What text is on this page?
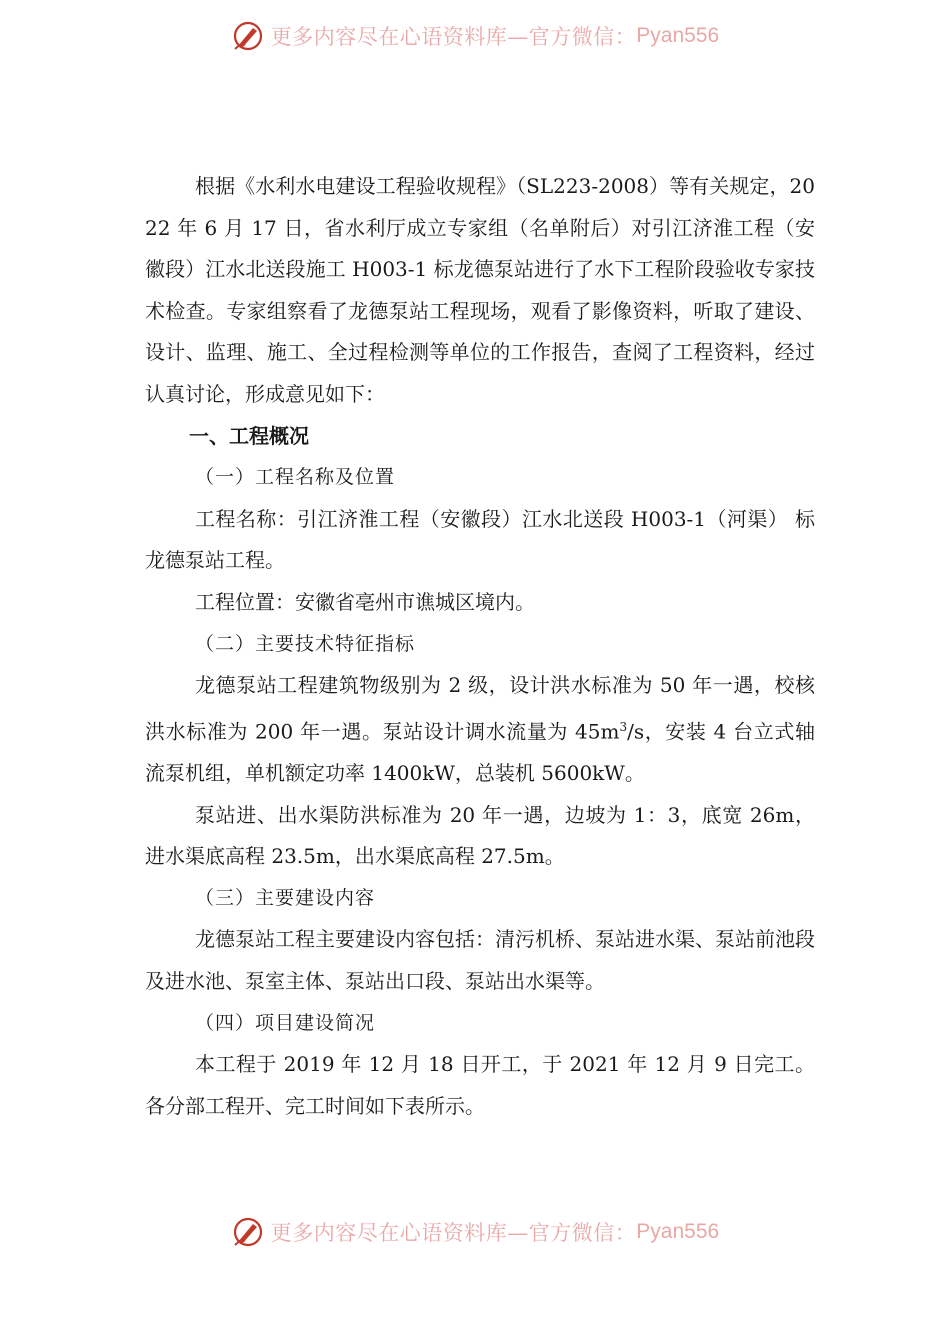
更多内容尽在心语资料库—官方微信： Pyan556

根据《水利水电建设工程验收规程》（SL223-2008）等有关规定，2022 年 6 月 17 日，省水利厅成立专家组（名单附后）对引江济淮工程（安徽段）江水北送段施工 H003-1 标龙德泵站进行了水下工程阶段验收专家技术检查。专家组察看了龙德泵站工程现场，观看了影像资料，听取了建设、设计、监理、施工、全过程检测等单位的工作报告，查阅了工程资料，经过认真讨论，形成意见如下：

一、工程概况

（一）工程名称及位置

工程名称：引江济淮工程（安徽段）江水北送段 H003-1（河渠） 标龙德泵站工程。

工程位置：安徽省亳州市谯城区境内。

（二）主要技术特征指标

龙德泵站工程建筑物级别为 2 级，设计洪水标准为 50 年一遇，校核洪水标准为 200 年一遇。泵站设计调水流量为 $45m^3/s$，安装 4 台立式轴流泵机组，单机额定功率 1400kW，总装机 5600kW。

泵站进、出水渠防洪标准为 20 年一遇，边坡为 1：3，底宽 26m， 进水渠底高程 23.5m，出水渠底高程 27.5m。

（三）主要建设内容

龙德泵站工程主要建设内容包括：清污机桥、泵站进水渠、泵站前池段及进水池、泵室主体、泵站出口段、泵站出水渠等。

（四）项目建设简况

本工程于 2019 年 12 月 18 日开工，于 2021 年 12 月 9 日完工。各分部工程开、完工时间如下表所示。

更多内容尽在心语资料库—官方微信： Pyan556
